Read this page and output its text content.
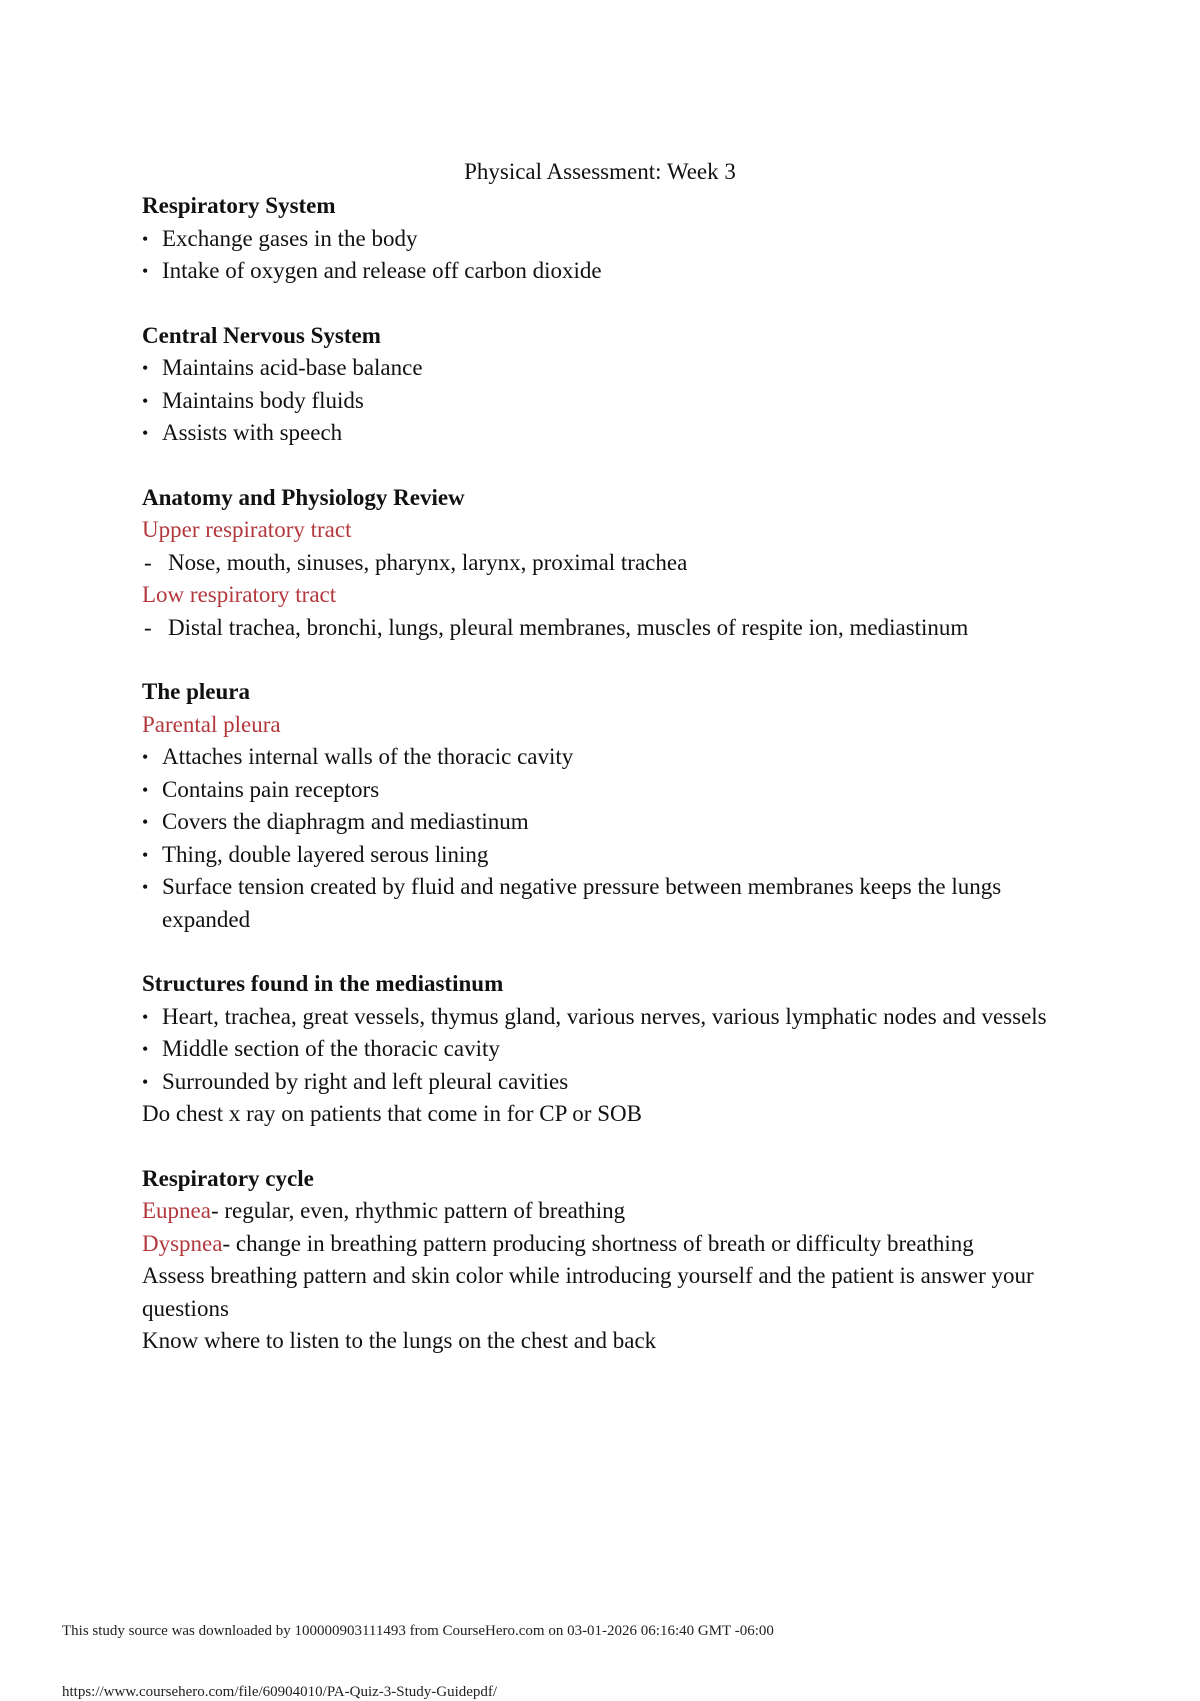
Physical Assessment: Week 3
Respiratory System
• Exchange gases in the body
• Intake of oxygen and release off carbon dioxide
Central Nervous System
• Maintains acid-base balance
• Maintains body fluids
• Assists with speech
Anatomy and Physiology Review
Upper respiratory tract
- Nose, mouth, sinuses, pharynx, larynx, proximal trachea
Low respiratory tract
- Distal trachea, bronchi, lungs, pleural membranes, muscles of respite ion, mediastinum
The pleura
Parental pleura
• Attaches internal walls of the thoracic cavity
• Contains pain receptors
• Covers the diaphragm and mediastinum
• Thing, double layered serous lining
• Surface tension created by fluid and negative pressure between membranes keeps the lungs expanded
Structures found in the mediastinum
• Heart, trachea, great vessels, thymus gland, various nerves, various lymphatic nodes and vessels
• Middle section of the thoracic cavity
• Surrounded by right and left pleural cavities
Do chest x ray on patients that come in for CP or SOB
Respiratory cycle
Eupnea- regular, even, rhythmic pattern of breathing
Dyspnea- change in breathing pattern producing shortness of breath or difficulty breathing
Assess breathing pattern and skin color while introducing yourself and the patient is answer your questions
Know where to listen to the lungs on the chest and back
This study source was downloaded by 100000903111493 from CourseHero.com on 03-01-2026 06:16:40 GMT -06:00
https://www.coursehero.com/file/60904010/PA-Quiz-3-Study-Guidepdf/
